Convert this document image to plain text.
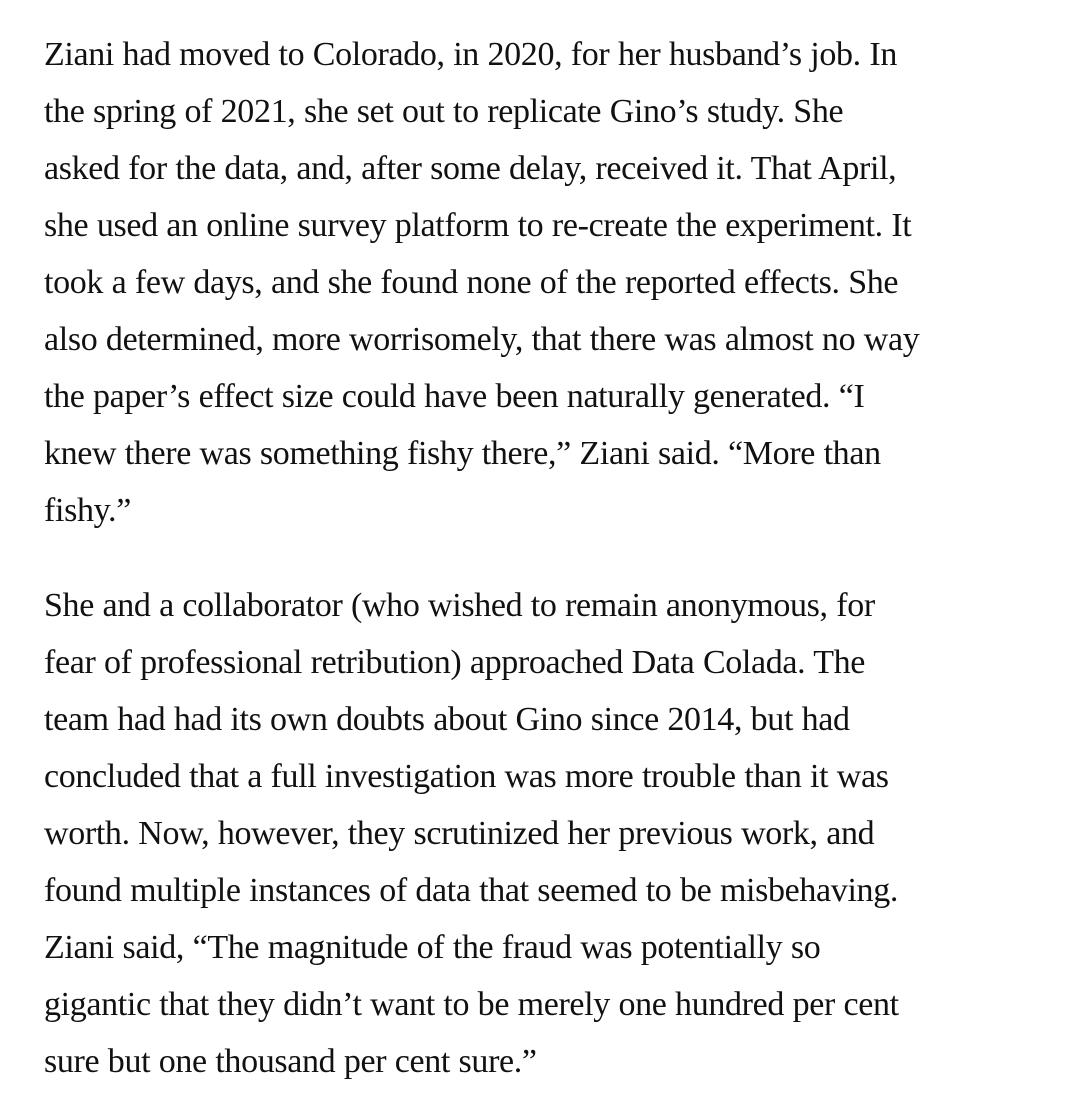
Ziani had moved to Colorado, in 2020, for her husband’s job. In
the spring of 2021, she set out to replicate Gino’s study. She
asked for the data, and, after some delay, received it. That April,
she used an online survey platform to re-create the experiment. It
took a few days, and she found none of the reported effects. She
also determined, more worrisomely, that there was almost no way
the paper’s effect size could have been naturally generated. “I
knew there was something fishy there,” Ziani said. “More than
fishy.”

She and a collaborator (who wished to remain anonymous, for
fear of professional retribution) approached Data Colada. The
team had had its own doubts about Gino since 2014, but had
concluded that a full investigation was more trouble than it was
worth. Now, however, they scrutinized her previous work, and
found multiple instances of data that seemed to be misbehaving.
Ziani said, “The magnitude of the fraud was potentially so
gigantic that they didn’t want to be merely one hundred per cent
sure but one thousand per cent sure.”
